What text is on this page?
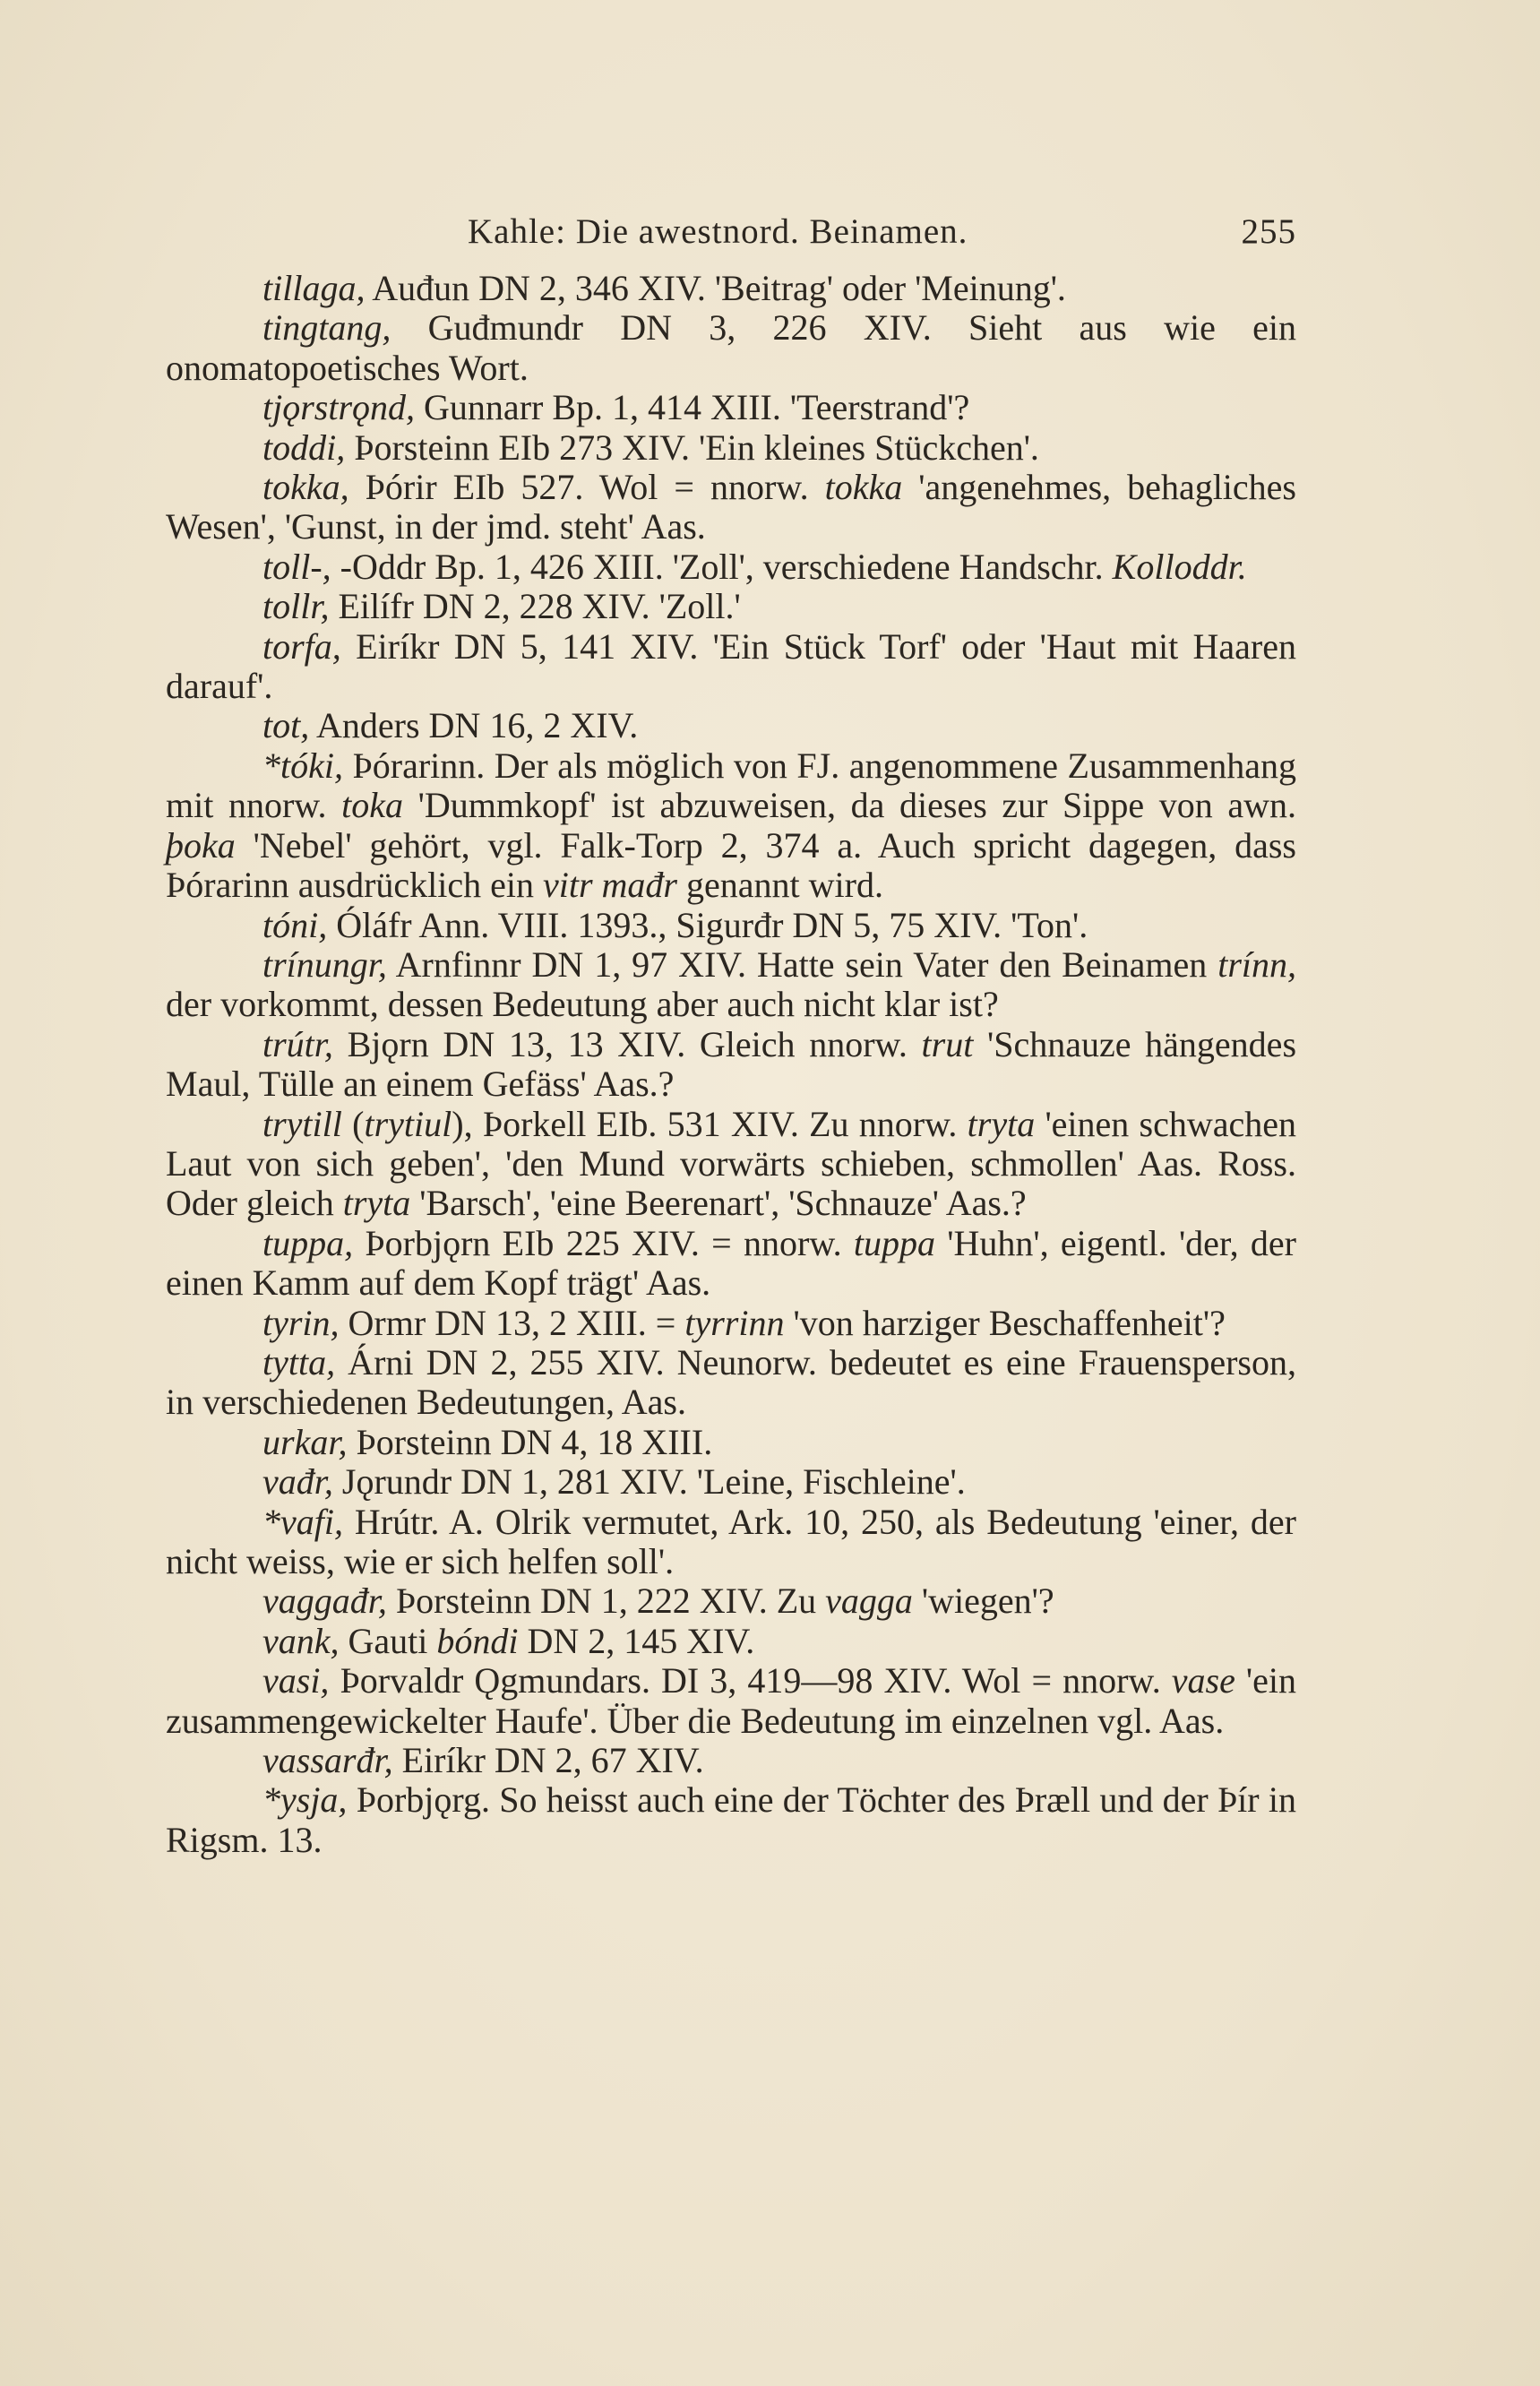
Kahle: Die awestnord. Beinamen.	255

tillaga, Auđun DN 2, 346 XIV. 'Beitrag' oder 'Meinung'.

tingtang, Guđmundr DN 3, 226 XIV. Sieht aus wie ein onomatopoetisches Wort.

tjǫrstrǫnd, Gunnarr Bp. 1, 414 XIII. 'Teerstrand'?

toddi, Þorsteinn EIb 273 XIV. 'Ein kleines Stückchen'.

tokka, Þórir EIb 527. Wol = nnorw. tokka 'angenehmes, behagliches Wesen', 'Gunst, in der jmd. steht' Aas.

toll-, -Oddr Bp. 1, 426 XIII. 'Zoll', verschiedene Handschr. Kolloddr.

tollr, Eilífr DN 2, 228 XIV. 'Zoll.'

torfa, Eiríkr DN 5, 141 XIV. 'Ein Stück Torf' oder 'Haut mit Haaren darauf'.

tot, Anders DN 16, 2 XIV.

*tóki, Þórarinn. Der als möglich von FJ. angenommene Zusammenhang mit nnorw. toka 'Dummkopf' ist abzuweisen, da dieses zur Sippe von awn. þoka 'Nebel' gehört, vgl. Falk-Torp 2, 374 a. Auch spricht dagegen, dass Þórarinn ausdrücklich ein vitr mađr genannt wird.

tóni, Óláfr Ann. VIII. 1393., Sigurđr DN 5, 75 XIV. 'Ton'.

trínungr, Arnfinnr DN 1, 97 XIV. Hatte sein Vater den Beinamen trínn, der vorkommt, dessen Bedeutung aber auch nicht klar ist?

trútr, Bjǫrn DN 13, 13 XIV. Gleich nnorw. trut 'Schnauze hängendes Maul, Tülle an einem Gefäss' Aas.?

trytill (trytiul), Þorkell EIb. 531 XIV. Zu nnorw. tryta 'einen schwachen Laut von sich geben', 'den Mund vorwärts schieben, schmollen' Aas. Ross. Oder gleich tryta 'Barsch', 'eine Beerenart', 'Schnauze' Aas.?

tuppa, Þorbjǫrn EIb 225 XIV. = nnorw. tuppa 'Huhn', eigentl. 'der, der einen Kamm auf dem Kopf trägt' Aas.

tyrin, Ormr DN 13, 2 XIII. = tyrrinn 'von harziger Beschaffenheit'?

tytta, Árni DN 2, 255 XIV. Neunorw. bedeutet es eine Frauensperson, in verschiedenen Bedeutungen, Aas.

urkar, Þorsteinn DN 4, 18 XIII.

vađr, Jǫrundr DN 1, 281 XIV. 'Leine, Fischleine'.

*vafi, Hrútr. A. Olrik vermutet, Ark. 10, 250, als Bedeutung 'einer, der nicht weiss, wie er sich helfen soll'.

vaggađr, Þorsteinn DN 1, 222 XIV. Zu vagga 'wiegen'?

vank, Gauti bóndi DN 2, 145 XIV.

vasi, Þorvaldr Ǫgmundars. DI 3, 419—98 XIV. Wol = nnorw. vase 'ein zusammengewickelter Haufe'. Über die Bedeutung im einzelnen vgl. Aas.

vassarđr, Eiríkr DN 2, 67 XIV.

*ysja, Þorbjǫrg. So heisst auch eine der Töchter des Þræll und der Þír in Rigsm. 13.
